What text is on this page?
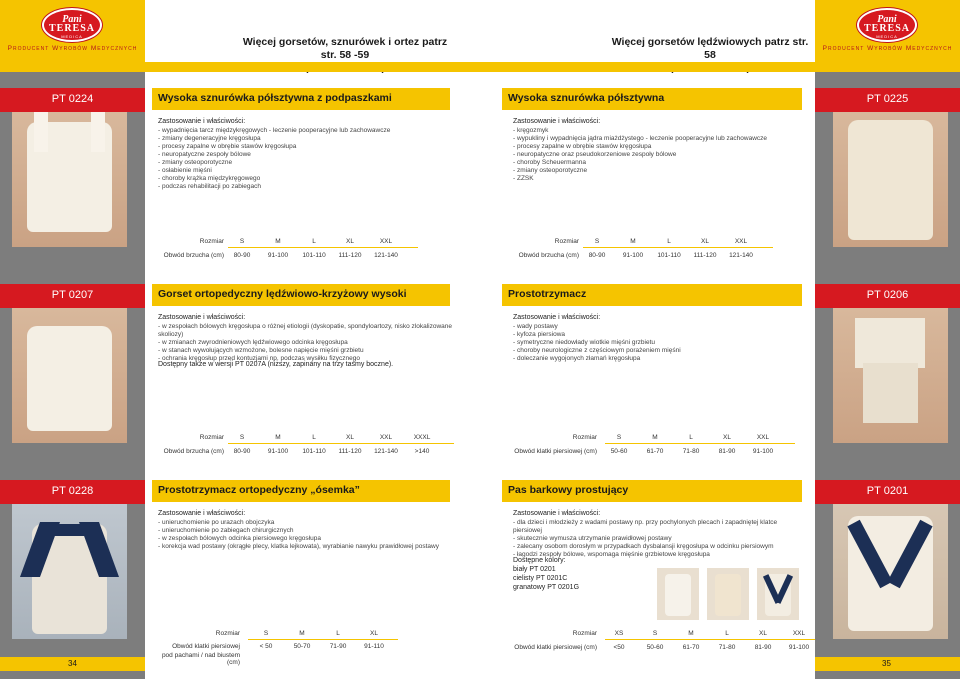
Pani
TERESA
MEDICA
Producent Wyrobów Medycznych
Więcej gorsetów, sznurówek i ortez patrz str. 58 -59
PT 0224	Wysoka sznurówka półsztywna z podpaszkami
Zastosowanie i właściwości:
- wypadnięcia tarcz międzykręgowych - leczenie pooperacyjne lub zachowawcze
- zmiany degeneracyjne kręgosłupa
- procesy zapalne w obrębie stawów kręgosłupa
- neuropatyczne zespoły bólowe
- zmiany osteoporotyczne
- osłabienie mięśni
- choroby krążka międzykręgowego
- podczas rehabilitacji po zabiegach
Rozmiar	S	M	L	XL	XXL
Obwód brzucha (cm)	80-90	91-100	101-110	111-120	121-140
PT 0207	Gorset ortopedyczny lędźwiowo-krzyżowy wysoki
Zastosowanie i właściwości:
- w zespołach bólowych kręgosłupa o różnej etiologii (dyskopatie, spondyloartozy, nisko zlokalizowane skoliozy)
- w zmianach zwyrodnieniowych lędźwiowego odcinka kręgosłupa
- w stanach wywołujących wzmożone, bolesne napięcie mięśni grzbietu
- ochrania kręgosłup przed kontuzjami np. podczas wysiłku fizycznego
Dostępny także w wersji PT 0207A (niższy, zapinany na trzy taśmy boczne).
Rozmiar	S	M	L	XL	XXL	XXXL
Obwód brzucha (cm)	80-90	91-100	101-110	111-120	121-140	>140
PT 0228	Prostotrzymacz ortopedyczny „ósemka”
Zastosowanie i właściwości:
- unieruchomienie po urazach obojczyka
- unieruchomienie po zabiegach chirurgicznych
- w zespołach bólowych odcinka piersiowego kręgosłupa
- korekcja wad postawy (okrągłe plecy, klatka lejkowata), wyrabianie nawyku prawidłowej postawy
Rozmiar	S	M	L	XL
Obwód klatki piersiowej
pod pachami / nad biustem (cm)
< 50	50-70	71-90	91-110
34
Pani
TERESA
MEDICA
Producent Wyrobów Medycznych
Więcej gorsetów lędźwiowych patrz str. 58
PT 0225
Wysoka sznurówka półsztywna
Zastosowanie i właściwości:
- kręgozmyk
- wypukliny i wypadnięcia jądra miażdżystego - leczenie pooperacyjne lub zachowawcze
- procesy zapalne w obrębie stawów kręgosłupa
- neuropatyczne oraz pseudokorzeniowe zespoły bólowe
- choroby Scheuermanna
- zmiany osteoporotyczne
- ZZSK
Rozmiar	S	M	L	XL	XXL
Obwód brzucha (cm)	80-90	91-100	101-110	111-120	121-140
PT 0206
Prostotrzymacz
Zastosowanie i właściwości:
- wady postawy
- kyfoza piersiowa
- symetryczne niedowłady wiotkie mięśni grzbietu
- choroby neurologiczne z częściowym porażeniem mięśni
- doleczanie wygojonych złamań kręgosłupa
Rozmiar	S	M	L	XL	XXL
Obwód klatki piersiowej (cm)	50-60	61-70	71-80	81-90	91-100
PT 0201
Pas barkowy prostujący
Zastosowanie i właściwości:
- dla dzieci i młodzieży z wadami postawy np. przy pochylonych plecach i zapadniętej klatce piersiowej
- skutecznie wymusza utrzymanie prawidłowej postawy
- zalecany osobom dorosłym w przypadkach dysbalansji kręgosłupa w odcinku piersiowym
- łagodzi zespoły bólowe, wspomaga mięśnie grzbietowe kręgosłupa
Dostępne kolory:
biały PT 0201
cielisty PT 0201C
granatowy PT 0201G
Rozmiar	XS	S	M	L	XL	XXL
Obwód klatki piersiowej (cm)	<50	50-60	61-70	71-80	81-90	91-100
35
